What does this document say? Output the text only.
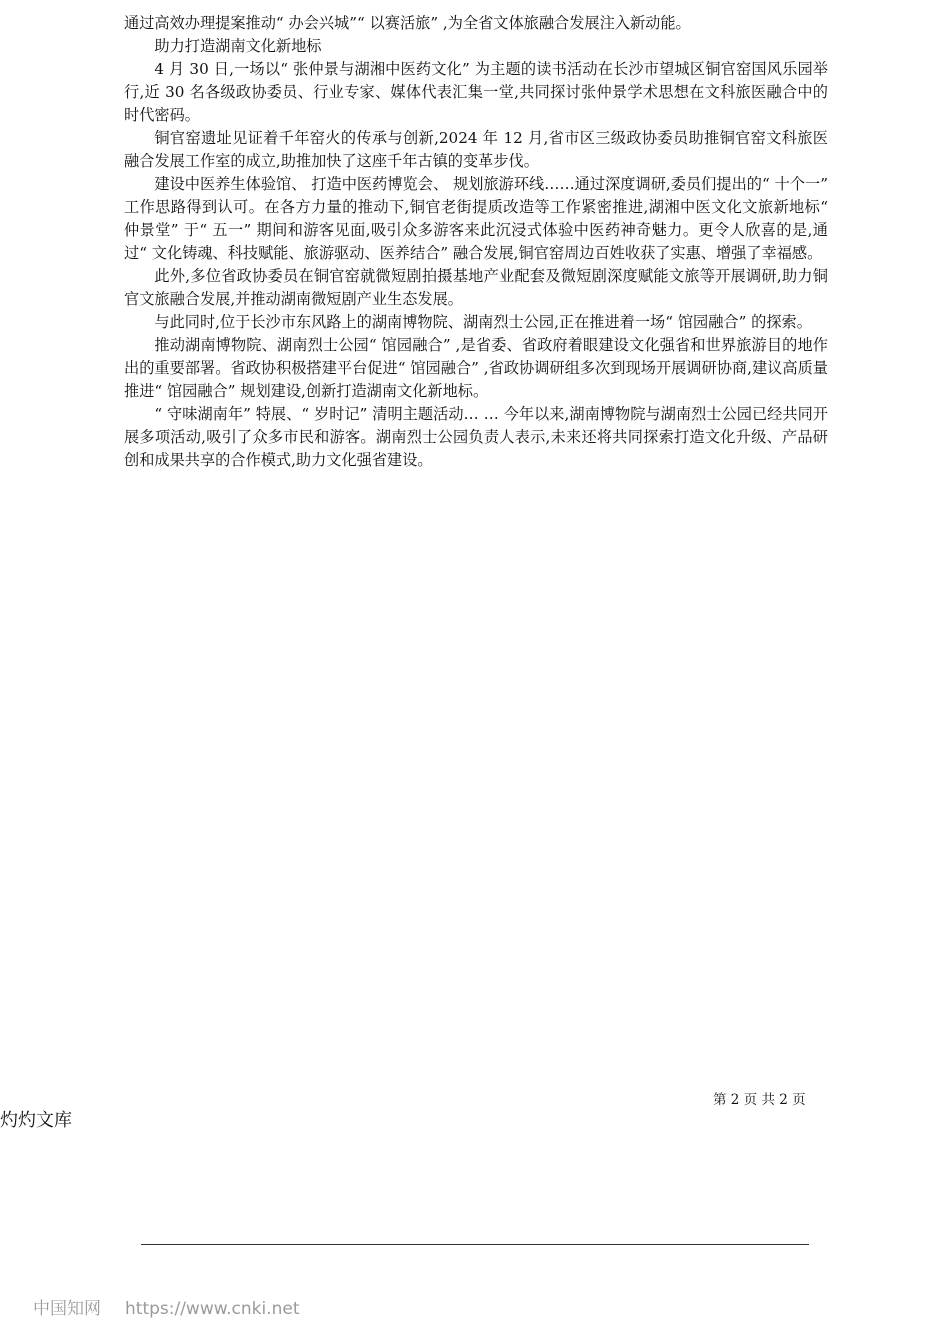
通过高效办理提案推动“ 办会兴城”“ 以赛活旅” ,为全省文体旅融合发展注入新动能。

助力打造湖南文化新地标

4 月 30 日,一场以“ 张仲景与湖湘中医药文化” 为主题的读书活动在长沙市望城区铜官窑国风乐园举行,近 30 名各级政协委员、行业专家、媒体代表汇集一堂,共同探讨张仲景学术思想在文科旅医融合中的时代密码。

铜官窑遗址见证着千年窑火的传承与创新,2024 年 12 月,省市区三级政协委员助推铜官窑文科旅医融合发展工作室的成立,助推加快了这座千年古镇的变革步伐。

建设中医养生体验馆、 打造中医药博览会、 规划旅游环线……通过深度调研,委员们提出的“ 十个一” 工作思路得到认可。在各方力量的推动下,铜官老街提质改造等工作紧密推进,湖湘中医文化文旅新地标“ 仲景堂” 于“ 五一” 期间和游客见面,吸引众多游客来此沉浸式体验中医药神奇魅力。更令人欣喜的是,通过“ 文化铸魂、科技赋能、旅游驱动、医养结合” 融合发展,铜官窑周边百姓收获了实惠、增强了幸福感。

此外,多位省政协委员在铜官窑就微短剧拍摄基地产业配套及微短剧深度赋能文旅等开展调研,助力铜官文旅融合发展,并推动湖南微短剧产业生态发展。

与此同时,位于长沙市东风路上的湖南博物院、湖南烈士公园,正在推进着一场“ 馆园融合” 的探索。

推动湖南博物院、湖南烈士公园“ 馆园融合” ,是省委、省政府着眼建设文化强省和世界旅游目的地作出的重要部署。省政协积极搭建平台促进“ 馆园融合” ,省政协调研组多次到现场开展调研协商,建议高质量推进“ 馆园融合” 规划建设,创新打造湖南文化新地标。

“ 守味湖南年” 特展、“ 岁时记” 清明主题活动… … 今年以来,湖南博物院与湖南烈士公园已经共同开展多项活动,吸引了众多市民和游客。湖南烈士公园负责人表示,未来还将共同探索打造文化升级、产品研创和成果共享的合作模式,助力文化强省建设。

第 2 页 共 2 页
灼灼文库
中国知网 https://www.cnki.net
